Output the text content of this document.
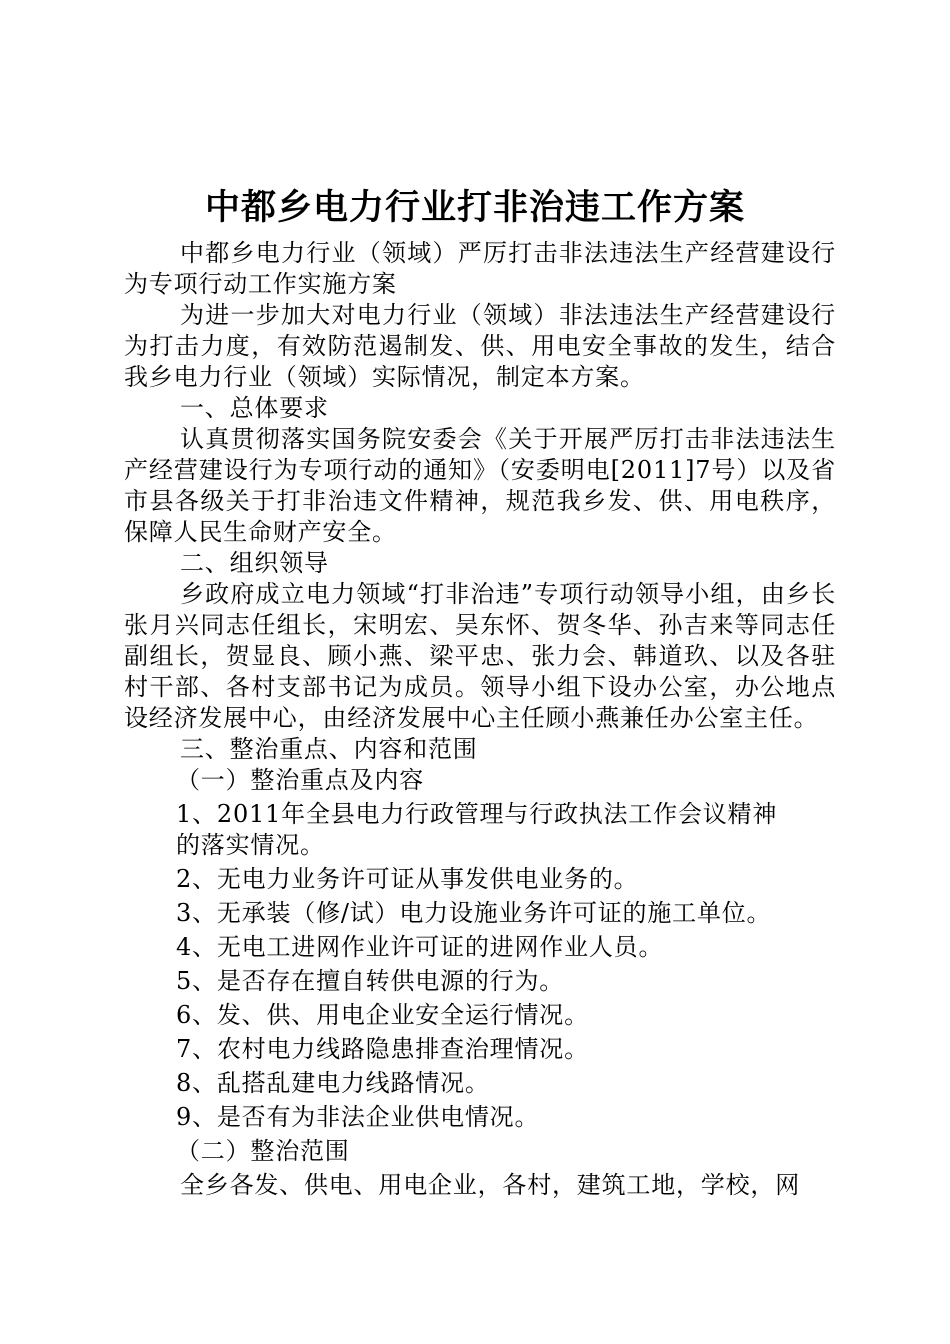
中都乡电力行业打非治违工作方案

中都乡电力行业（领域）严厉打击非法违法生产经营建设行为专项行动工作实施方案

为进一步加大对电力行业（领域）非法违法生产经营建设行为打击力度，有效防范遏制发、供、用电安全事故的发生，结合我乡电力行业（领域）实际情况，制定本方案。

一、总体要求

认真贯彻落实国务院安委会《关于开展严厉打击非法违法生产经营建设行为专项行动的通知》（安委明电[2011]7号）以及省市县各级关于打非治违文件精神，规范我乡发、供、用电秩序，保障人民生命财产安全。

二、组织领导

乡政府成立电力领域“打非治违”专项行动领导小组，由乡长张月兴同志任组长，宋明宏、吴东怀、贺冬华、孙吉来等同志任副组长，贺显良、顾小燕、梁平忠、张力会、韩道玖、以及各驻村干部、各村支部书记为成员。领导小组下设办公室，办公地点设经济发展中心，由经济发展中心主任顾小燕兼任办公室主任。

三、整治重点、内容和范围

（一）整治重点及内容

1、2011年全县电力行政管理与行政执法工作会议精神
的落实情况。

2、无电力业务许可证从事发供电业务的。

3、无承装（修/试）电力设施业务许可证的施工单位。

4、无电工进网作业许可证的进网作业人员。

5、是否存在擅自转供电源的行为。

6、发、供、用电企业安全运行情况。

7、农村电力线路隐患排查治理情况。

8、乱搭乱建电力线路情况。

9、是否有为非法企业供电情况。

（二）整治范围

全乡各发、供电、用电企业，各村，建筑工地，学校，网
